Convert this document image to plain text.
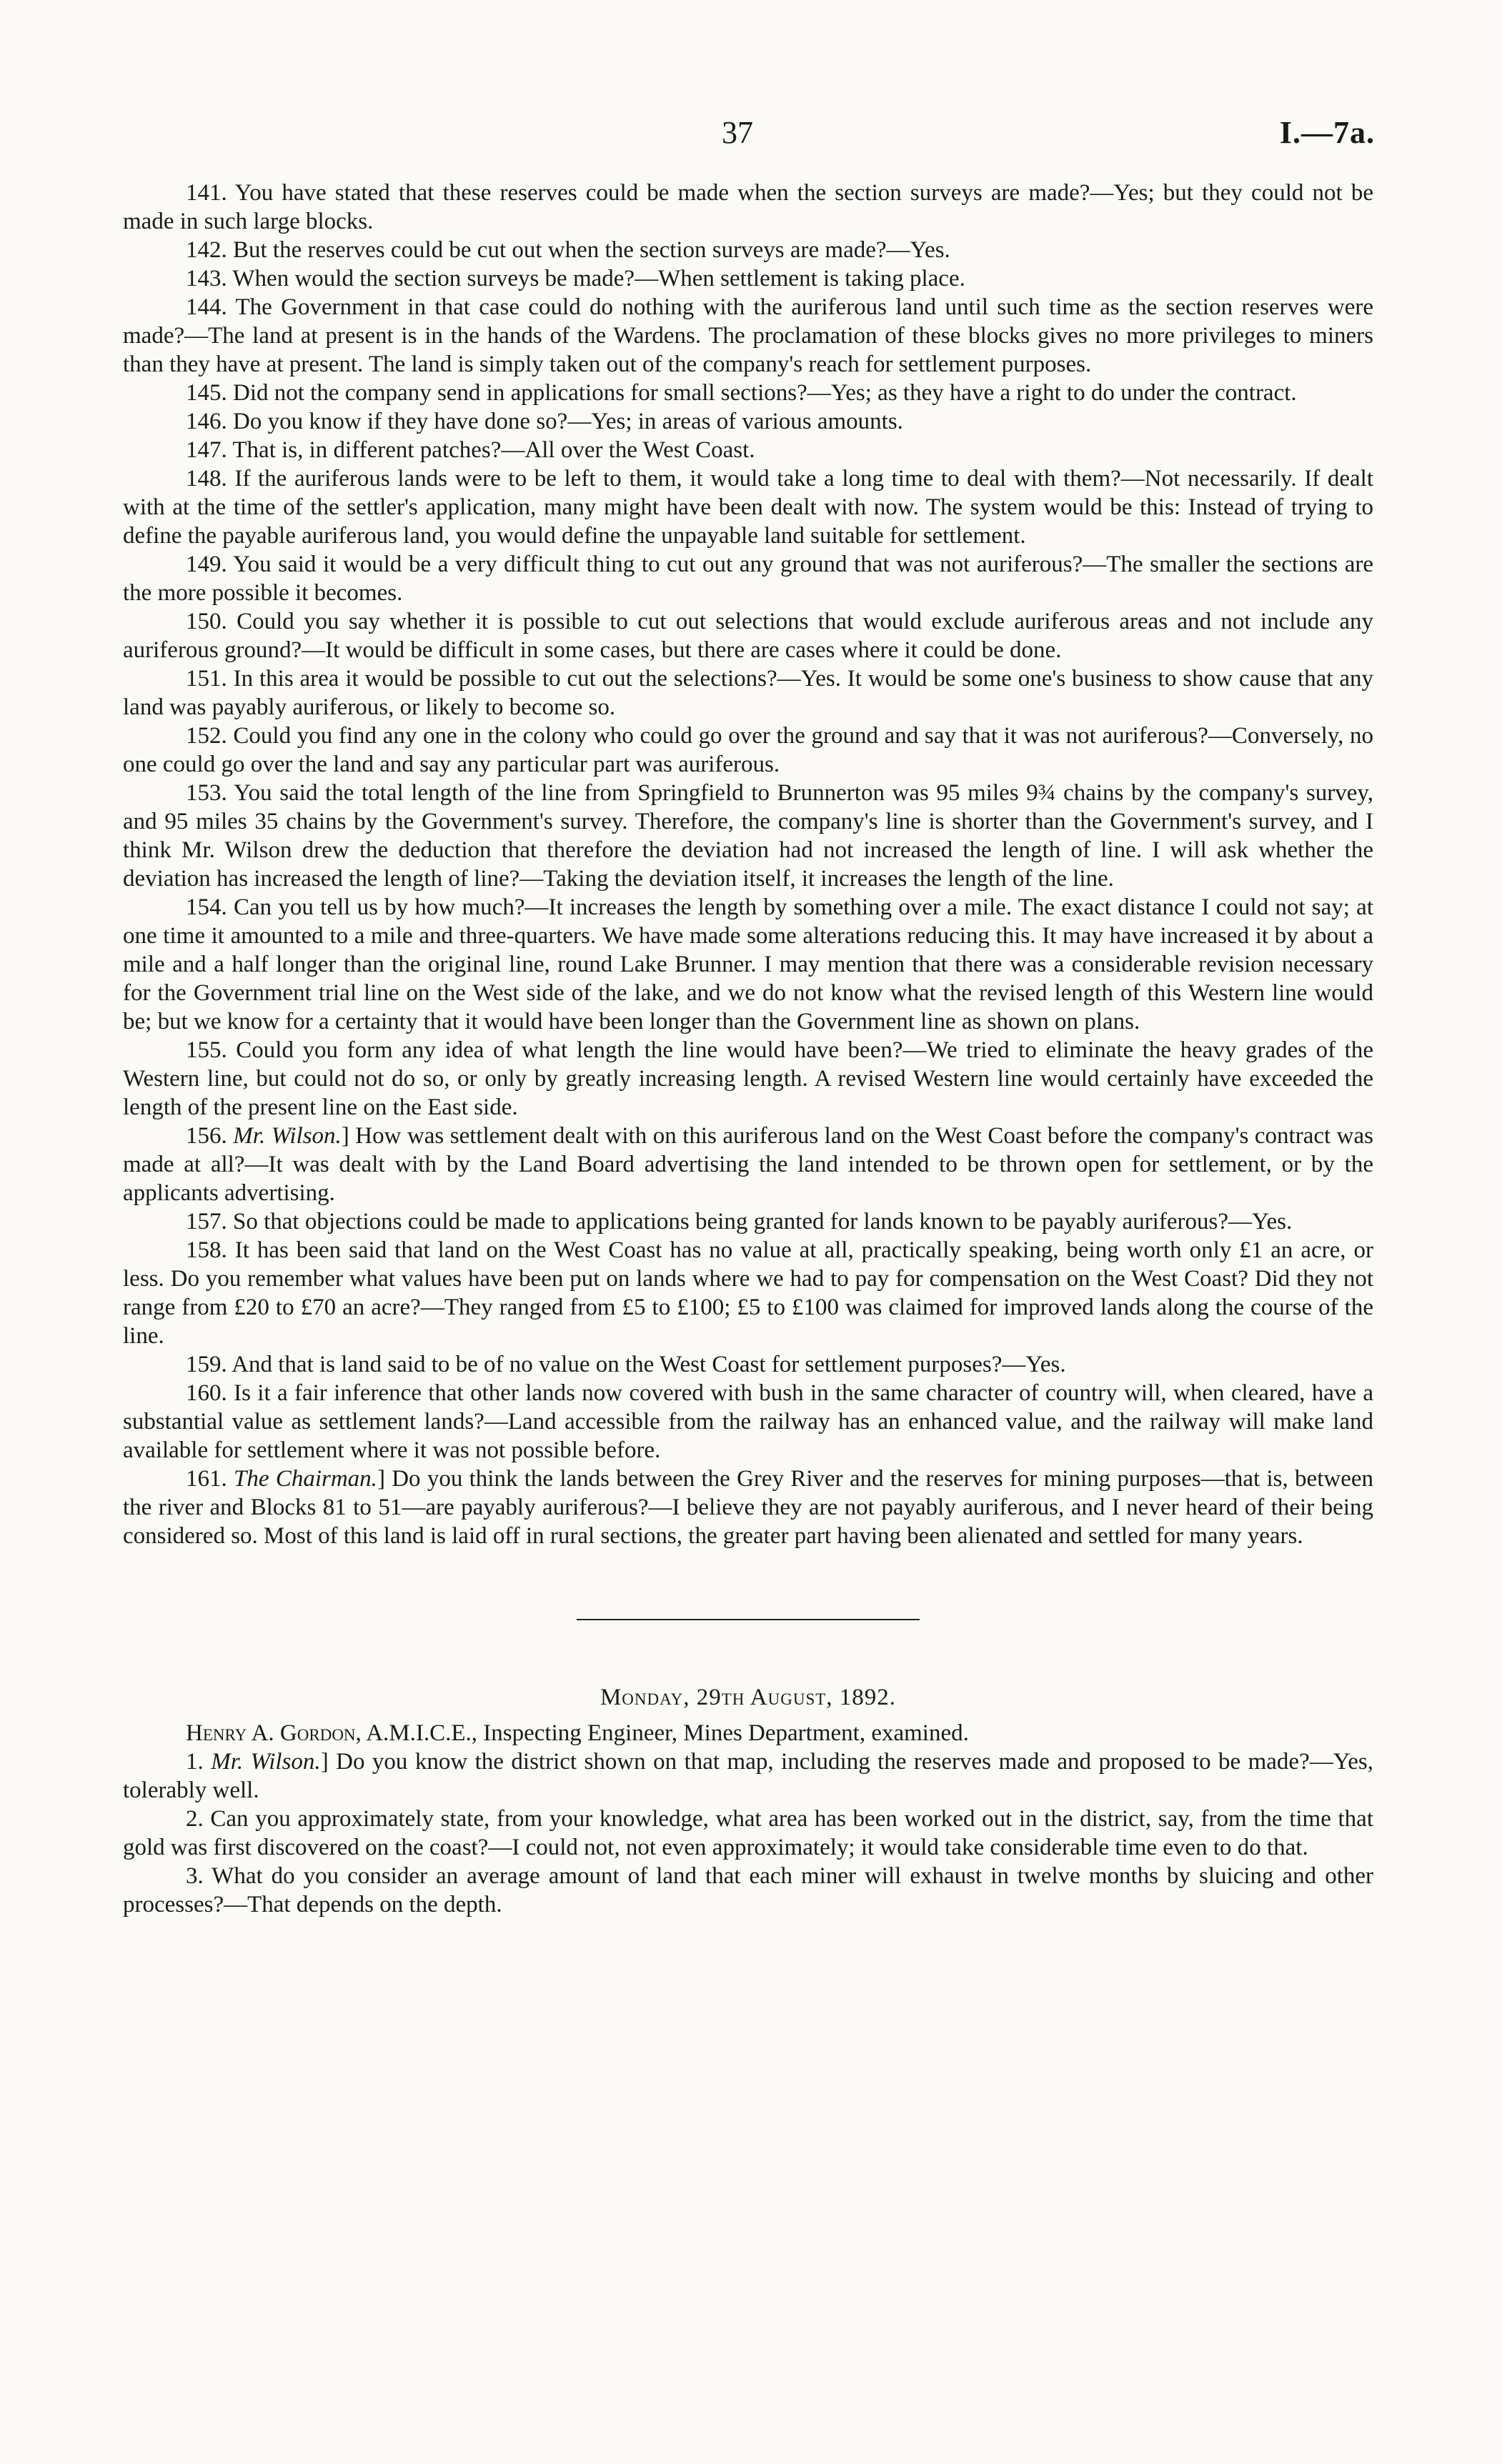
37	I.—7a.

141. You have stated that these reserves could be made when the section surveys are made?—Yes; but they could not be made in such large blocks.

142. But the reserves could be cut out when the section surveys are made?—Yes.

143. When would the section surveys be made?—When settlement is taking place.

144. The Government in that case could do nothing with the auriferous land until such time as the section reserves were made?—The land at present is in the hands of the Wardens. The proclamation of these blocks gives no more privileges to miners than they have at present. The land is simply taken out of the company's reach for settlement purposes.

145. Did not the company send in applications for small sections?—Yes; as they have a right to do under the contract.

146. Do you know if they have done so?—Yes; in areas of various amounts.

147. That is, in different patches?—All over the West Coast.

148. If the auriferous lands were to be left to them, it would take a long time to deal with them?—Not necessarily. If dealt with at the time of the settler's application, many might have been dealt with now. The system would be this: Instead of trying to define the payable auriferous land, you would define the unpayable land suitable for settlement.

149. You said it would be a very difficult thing to cut out any ground that was not auriferous?—The smaller the sections are the more possible it becomes.

150. Could you say whether it is possible to cut out selections that would exclude auriferous areas and not include any auriferous ground?—It would be difficult in some cases, but there are cases where it could be done.

151. In this area it would be possible to cut out the selections?—Yes. It would be some one's business to show cause that any land was payably auriferous, or likely to become so.

152. Could you find any one in the colony who could go over the ground and say that it was not auriferous?—Conversely, no one could go over the land and say any particular part was auriferous.

153. You said the total length of the line from Springfield to Brunnerton was 95 miles 9¾ chains by the company's survey, and 95 miles 35 chains by the Government's survey. Therefore, the company's line is shorter than the Government's survey, and I think Mr. Wilson drew the deduction that therefore the deviation had not increased the length of line. I will ask whether the deviation has increased the length of line?—Taking the deviation itself, it increases the length of the line.

154. Can you tell us by how much?—It increases the length by something over a mile. The exact distance I could not say; at one time it amounted to a mile and three-quarters. We have made some alterations reducing this. It may have increased it by about a mile and a half longer than the original line, round Lake Brunner. I may mention that there was a considerable revision necessary for the Government trial line on the West side of the lake, and we do not know what the revised length of this Western line would be; but we know for a certainty that it would have been longer than the Government line as shown on plans.

155. Could you form any idea of what length the line would have been?—We tried to eliminate the heavy grades of the Western line, but could not do so, or only by greatly increasing length. A revised Western line would certainly have exceeded the length of the present line on the East side.

156. Mr. Wilson.] How was settlement dealt with on this auriferous land on the West Coast before the company's contract was made at all?—It was dealt with by the Land Board advertising the land intended to be thrown open for settlement, or by the applicants advertising.

157. So that objections could be made to applications being granted for lands known to be payably auriferous?—Yes.

158. It has been said that land on the West Coast has no value at all, practically speaking, being worth only £1 an acre, or less. Do you remember what values have been put on lands where we had to pay for compensation on the West Coast? Did they not range from £20 to £70 an acre?—They ranged from £5 to £100; £5 to £100 was claimed for improved lands along the course of the line.

159. And that is land said to be of no value on the West Coast for settlement purposes?—Yes.

160. Is it a fair inference that other lands now covered with bush in the same character of country will, when cleared, have a substantial value as settlement lands?—Land accessible from the railway has an enhanced value, and the railway will make land available for settlement where it was not possible before.

161. The Chairman.] Do you think the lands between the Grey River and the reserves for mining purposes—that is, between the river and Blocks 81 to 51—are payably auriferous?—I believe they are not payably auriferous, and I never heard of their being considered so. Most of this land is laid off in rural sections, the greater part having been alienated and settled for many years.

Monday, 29th August, 1892.

Henry A. Gordon, A.M.I.C.E., Inspecting Engineer, Mines Department, examined.

1. Mr. Wilson.] Do you know the district shown on that map, including the reserves made and proposed to be made?—Yes, tolerably well.

2. Can you approximately state, from your knowledge, what area has been worked out in the district, say, from the time that gold was first discovered on the coast?—I could not, not even approximately; it would take considerable time even to do that.

3. What do you consider an average amount of land that each miner will exhaust in twelve months by sluicing and other processes?—That depends on the depth.
